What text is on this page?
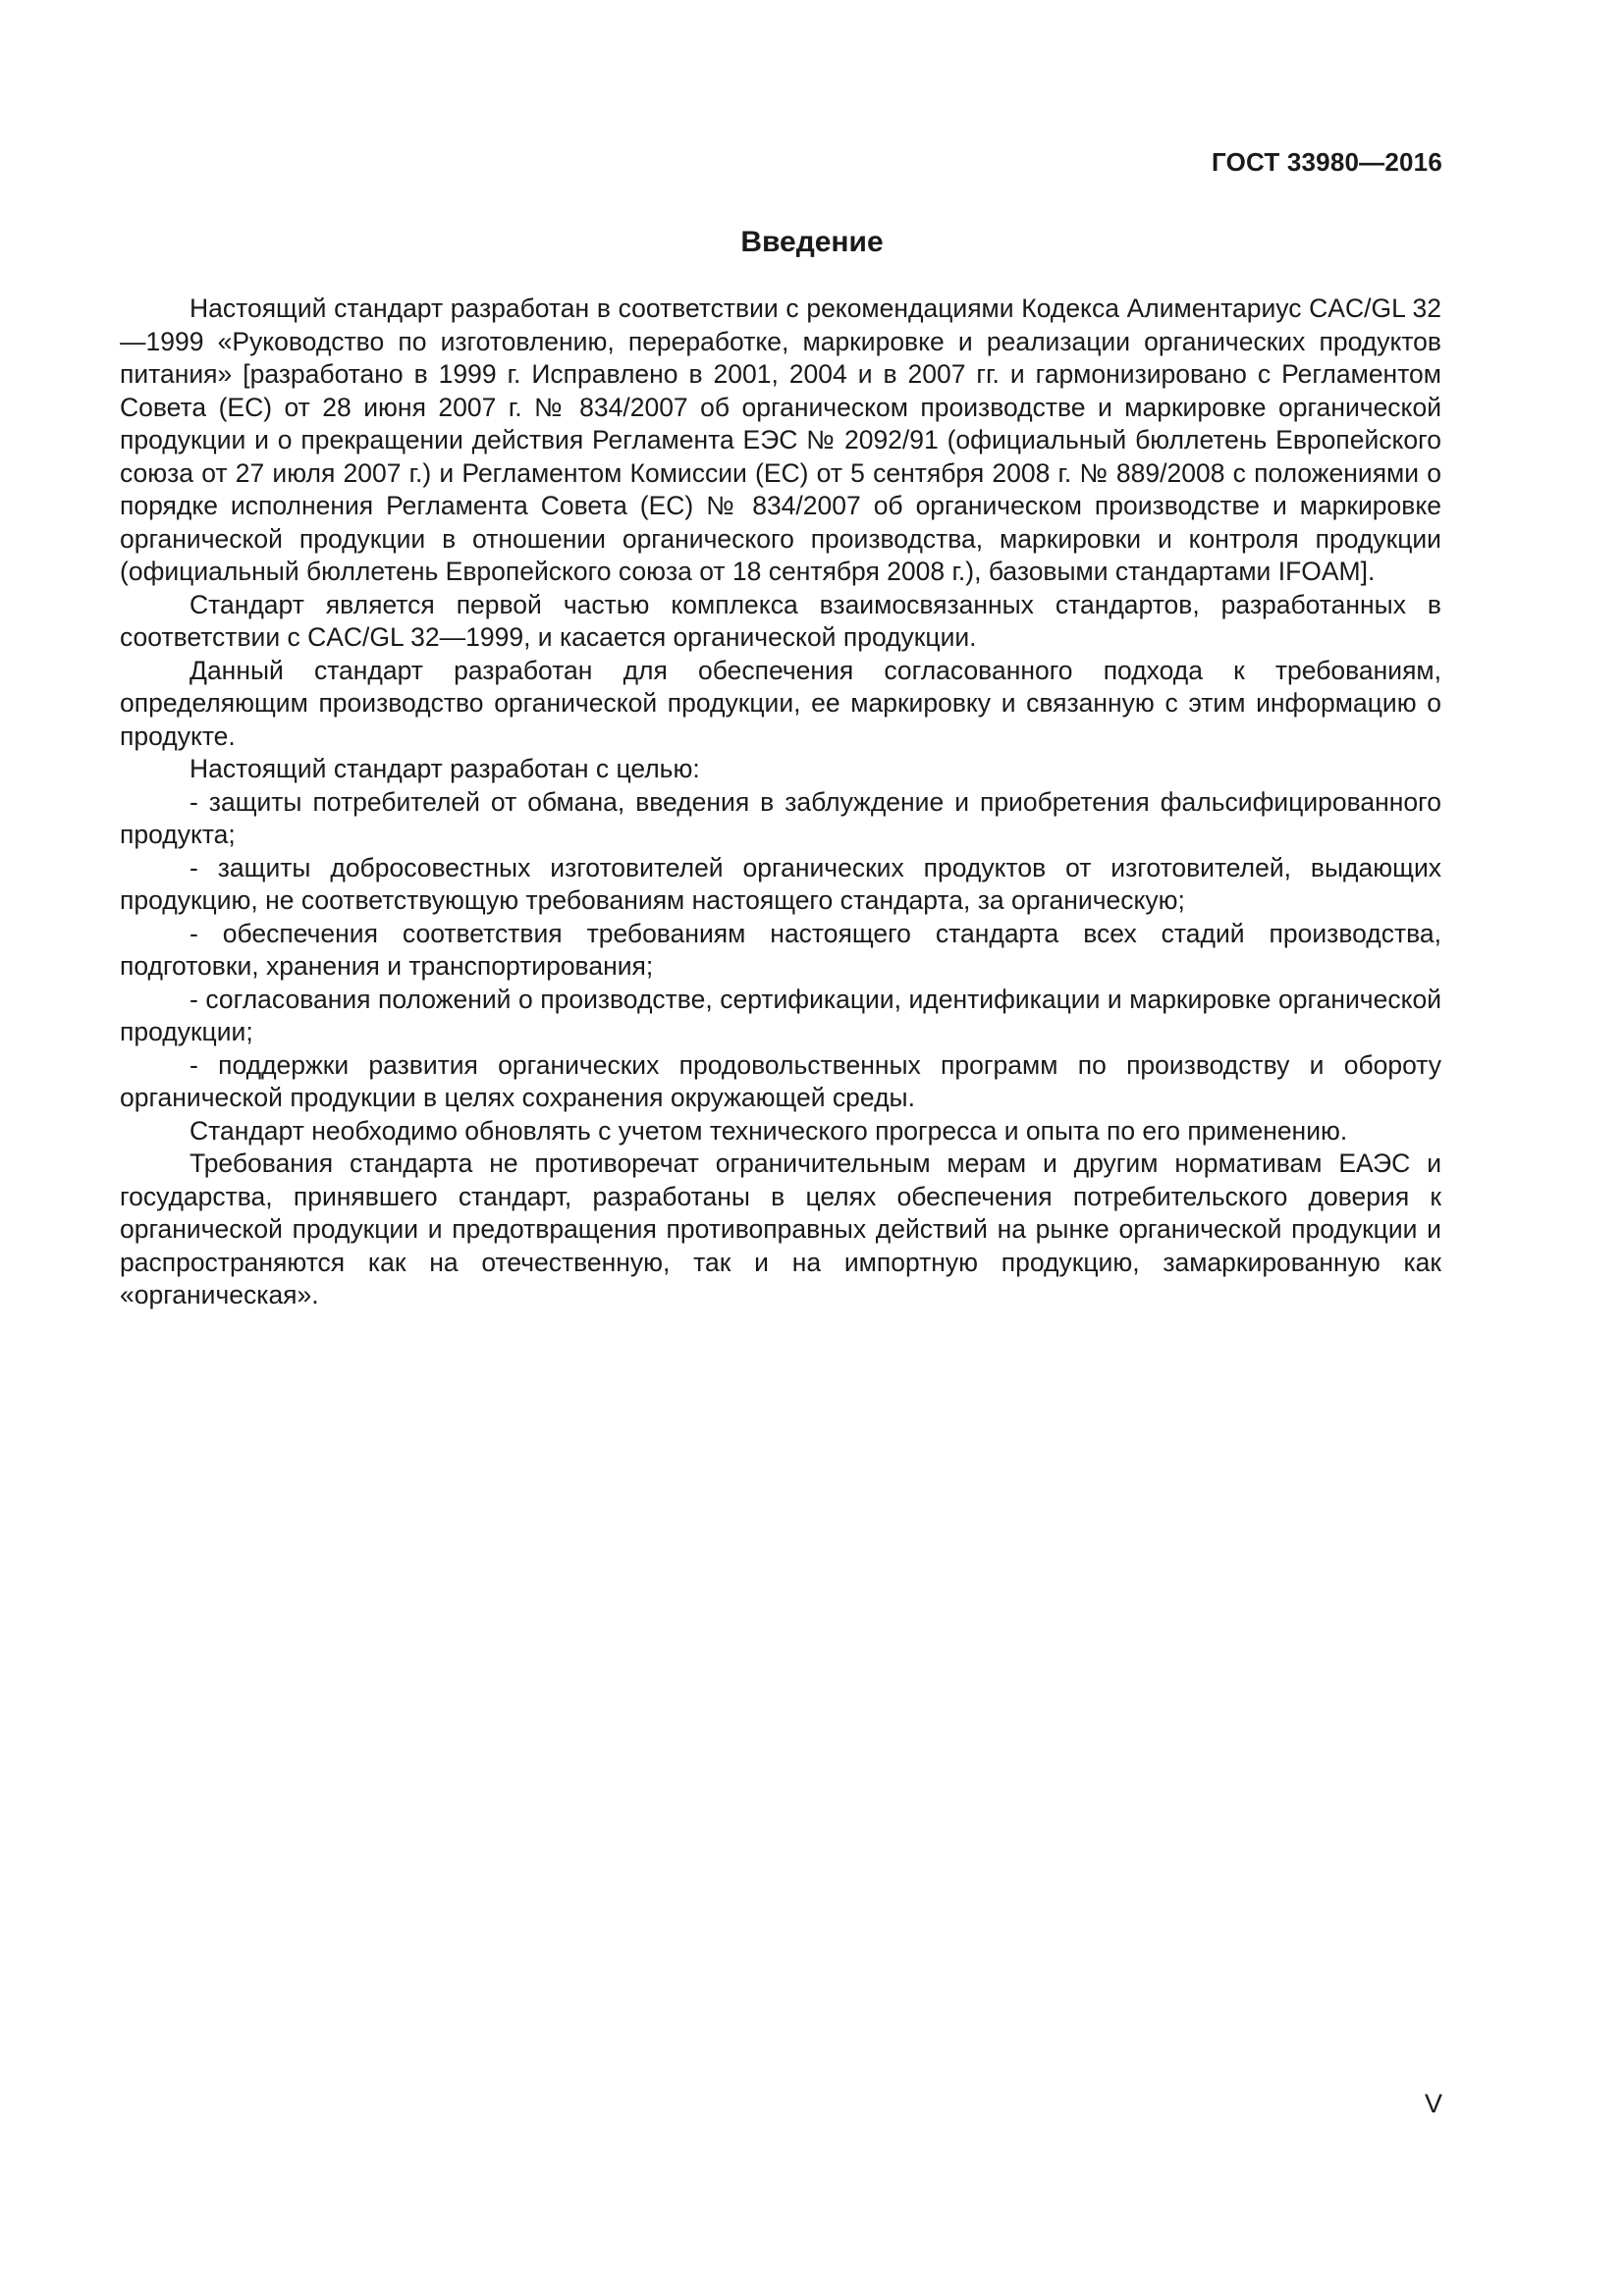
ГОСТ 33980—2016
Введение

Настоящий стандарт разработан в соответствии с рекомендациями Кодекса Алиментариус CAC/GL 32—1999 «Руководство по изготовлению, переработке, маркировке и реализации органических продуктов питания» [разработано в 1999 г. Исправлено в 2001, 2004 и в 2007 гг. и гармонизировано с Регламентом Совета (ЕС) от 28 июня 2007 г. № 834/2007 об органическом производстве и маркировке органической продукции и о прекращении действия Регламента ЕЭС № 2092/91 (официальный бюллетень Европейского союза от 27 июля 2007 г.) и Регламентом Комиссии (ЕС) от 5 сентября 2008 г. № 889/2008 с положениями о порядке исполнения Регламента Совета (ЕС) № 834/2007 об органическом производстве и маркировке органической продукции в отношении органического производства, маркировки и контроля продукции (официальный бюллетень Европейского союза от 18 сентября 2008 г.), базовыми стандартами IFOAM].

Стандарт является первой частью комплекса взаимосвязанных стандартов, разработанных в соответствии с CAC/GL 32—1999, и касается органической продукции.

Данный стандарт разработан для обеспечения согласованного подхода к требованиям, определяющим производство органической продукции, ее маркировку и связанную с этим информацию о продукте.

Настоящий стандарт разработан с целью:

- защиты потребителей от обмана, введения в заблуждение и приобретения фальсифицированного продукта;

- защиты добросовестных изготовителей органических продуктов от изготовителей, выдающих продукцию, не соответствующую требованиям настоящего стандарта, за органическую;

- обеспечения соответствия требованиям настоящего стандарта всех стадий производства, подготовки, хранения и транспортирования;

- согласования положений о производстве, сертификации, идентификации и маркировке органической продукции;

- поддержки развития органических продовольственных программ по производству и обороту органической продукции в целях сохранения окружающей среды.

Стандарт необходимо обновлять с учетом технического прогресса и опыта по его применению.

Требования стандарта не противоречат ограничительным мерам и другим нормативам ЕАЭС и государства, принявшего стандарт, разработаны в целях обеспечения потребительского доверия к органической продукции и предотвращения противоправных действий на рынке органической продукции и распространяются как на отечественную, так и на импортную продукцию, замаркированную как «органическая».

V
